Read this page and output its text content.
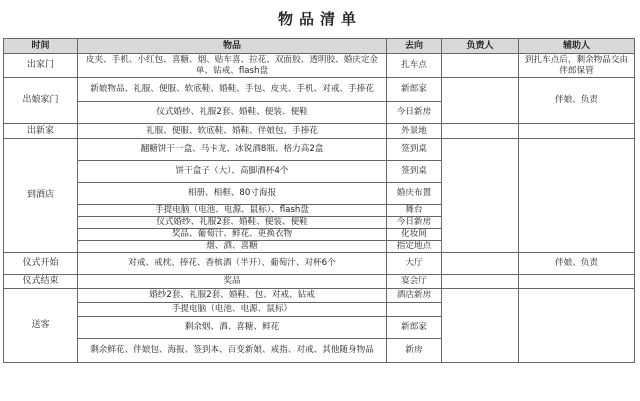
物品清单
时间	物品	去向	负责人	辅助人
出家门	皮夹、手机、小红包、喜糖、烟、贴车喜、拉花、双面胶、透明胶、婚庆定金单、钻戒、flash盘	扎车点		到扎车点后，剩余物品交由伴郎保管
出娘家门	新娘物品、礼服、便服、软底鞋、婚鞋、手包、皮夹、手机、对戒、手捧花	新郎家		伴娘、负责
	仪式婚纱、礼服2套、婚鞋、便装、便鞋	今日新房		
出新家	礼服、便服、软底鞋、婚鞋、伴娘包、手捧花	外景地		
到酒店	翻糖饼干一盒、马卡龙、冰锐酒8瓶、格力高2盒	签到桌		
	饼干盒子（大）、高脚酒杯4个	签到桌		
	相册、相框、80寸海报	婚庆布置		
	手提电脑（电池、电源、鼠标）、flash盘	舞台		
	仪式婚纱、礼服2套、婚鞋、便装、便鞋	今日新房		
	奖品、葡萄汁、鲜花、更换衣物	化妆间		
	烟、酒、喜糖	指定地点		
仪式开始	对戒、戒枕、捧花、香槟酒（半开）、葡萄汁、对杯6个	大厅		伴娘、负责
仪式结束	奖品	宴会厅		
送客	婚纱2套、礼服2套、婚鞋、包、对戒、钻戒	酒店新房		
	手提电脑（电池、电源、鼠标）			
	剩余烟、酒、喜糖、鲜花	新郎家		
	剩余鲜花、伴娘包、海报、签到本、百变新娘、戒指、对戒、其他随身物品	新房		
